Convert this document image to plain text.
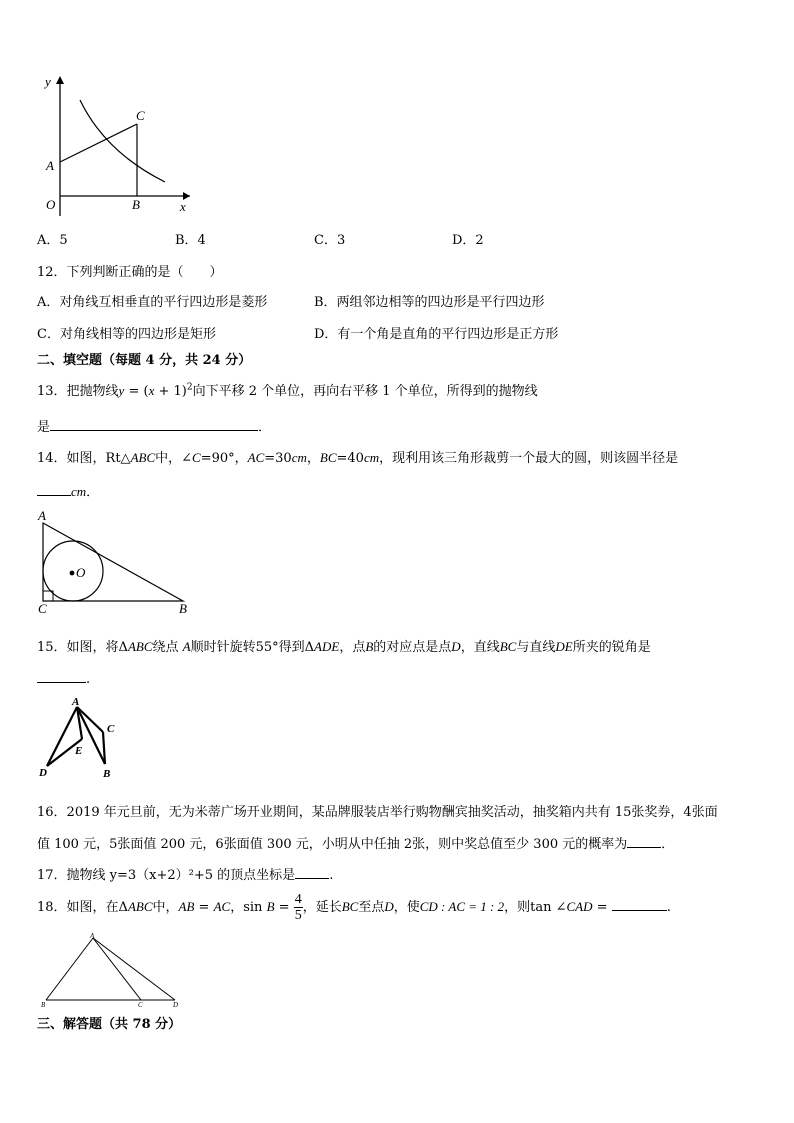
y
x
O
A
B
C
A．5	B．4	C．3	D．2
12．下列判断正确的是（　　）
A．对角线互相垂直的平行四边形是菱形	B．两组邻边相等的四边形是平行四边形
C．对角线相等的四边形是矩形	D．有一个角是直角的平行四边形是正方形
二、填空题（每题 4 分，共 24 分）
13．把抛物线$y = (x + 1)^2$向下平移 2 个单位，再向右平移 1 个单位，所得到的抛物线
是	．
14．如图，Rt△ABC中，∠C=90°，AC=30cm，BC=40cm，现利用该三角形裁剪一个最大的圆，则该圆半径是
cm．
A
C	B
O
15．如图，将ΔABC绕点 A顺时针旋转55°得到ΔADE，点B的对应点是点D，直线BC与直线DE所夹的锐角是
.
A
C
E
D	B
16．2019 年元旦前，无为米蒂广场开业期间，某品牌服装店举行购物酬宾抽奖活动，抽奖箱内共有 15张奖券，4张面
值 100 元，5张面值 200 元，6张面值 300 元，小明从中任抽 2张，则中奖总值至少 300 元的概率为	．
17．抛物线 y=3（x+2）²+5 的顶点坐标是	.
18．如图，在ΔABC中，AB = AC，$\sin B = \frac{4}{5}$ ，延长BC至点D，使CD : AC = 1 : 2，则tan ∠CAD =	.
A
B	C	D
三、解答题（共 78 分）
